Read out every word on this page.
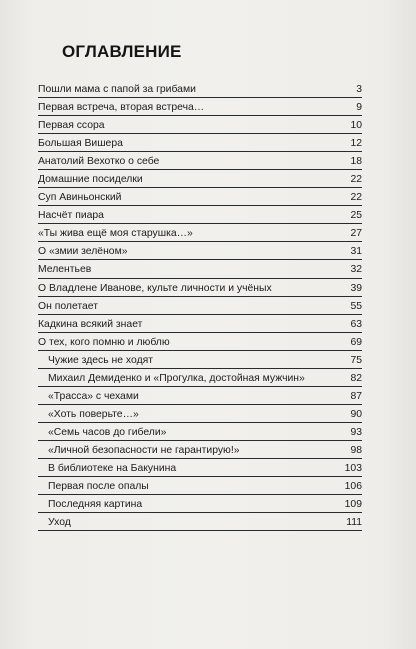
ОГЛАВЛЕНИЕ
Пошли мама с папой за грибами	3
Первая встреча, вторая встреча…	9
Первая ссора	10
Большая Вишера	12
Анатолий Вехотко о себе	18
Домашние посиделки	22
Суп Авиньонский	22
Насчёт пиара	25
«Ты жива ещё моя старушка…»	27
О «змии зелёном»	31
Мелентьев	32
О Владлене Иванове, культе личности и учёных	39
Он полетает	55
Кадкина всякий знает	63
О тех, кого помню и люблю	69
Чужие здесь не ходят	75
Михаил Демиденко и «Прогулка, достойная мужчин»	82
«Трасса» с чехами	87
«Хоть поверьте…»	90
«Семь часов до гибели»	93
«Личной безопасности не гарантирую!»	98
В библиотеке на Бакунина	103
Первая после опалы	106
Последняя картина	109
Уход	111
